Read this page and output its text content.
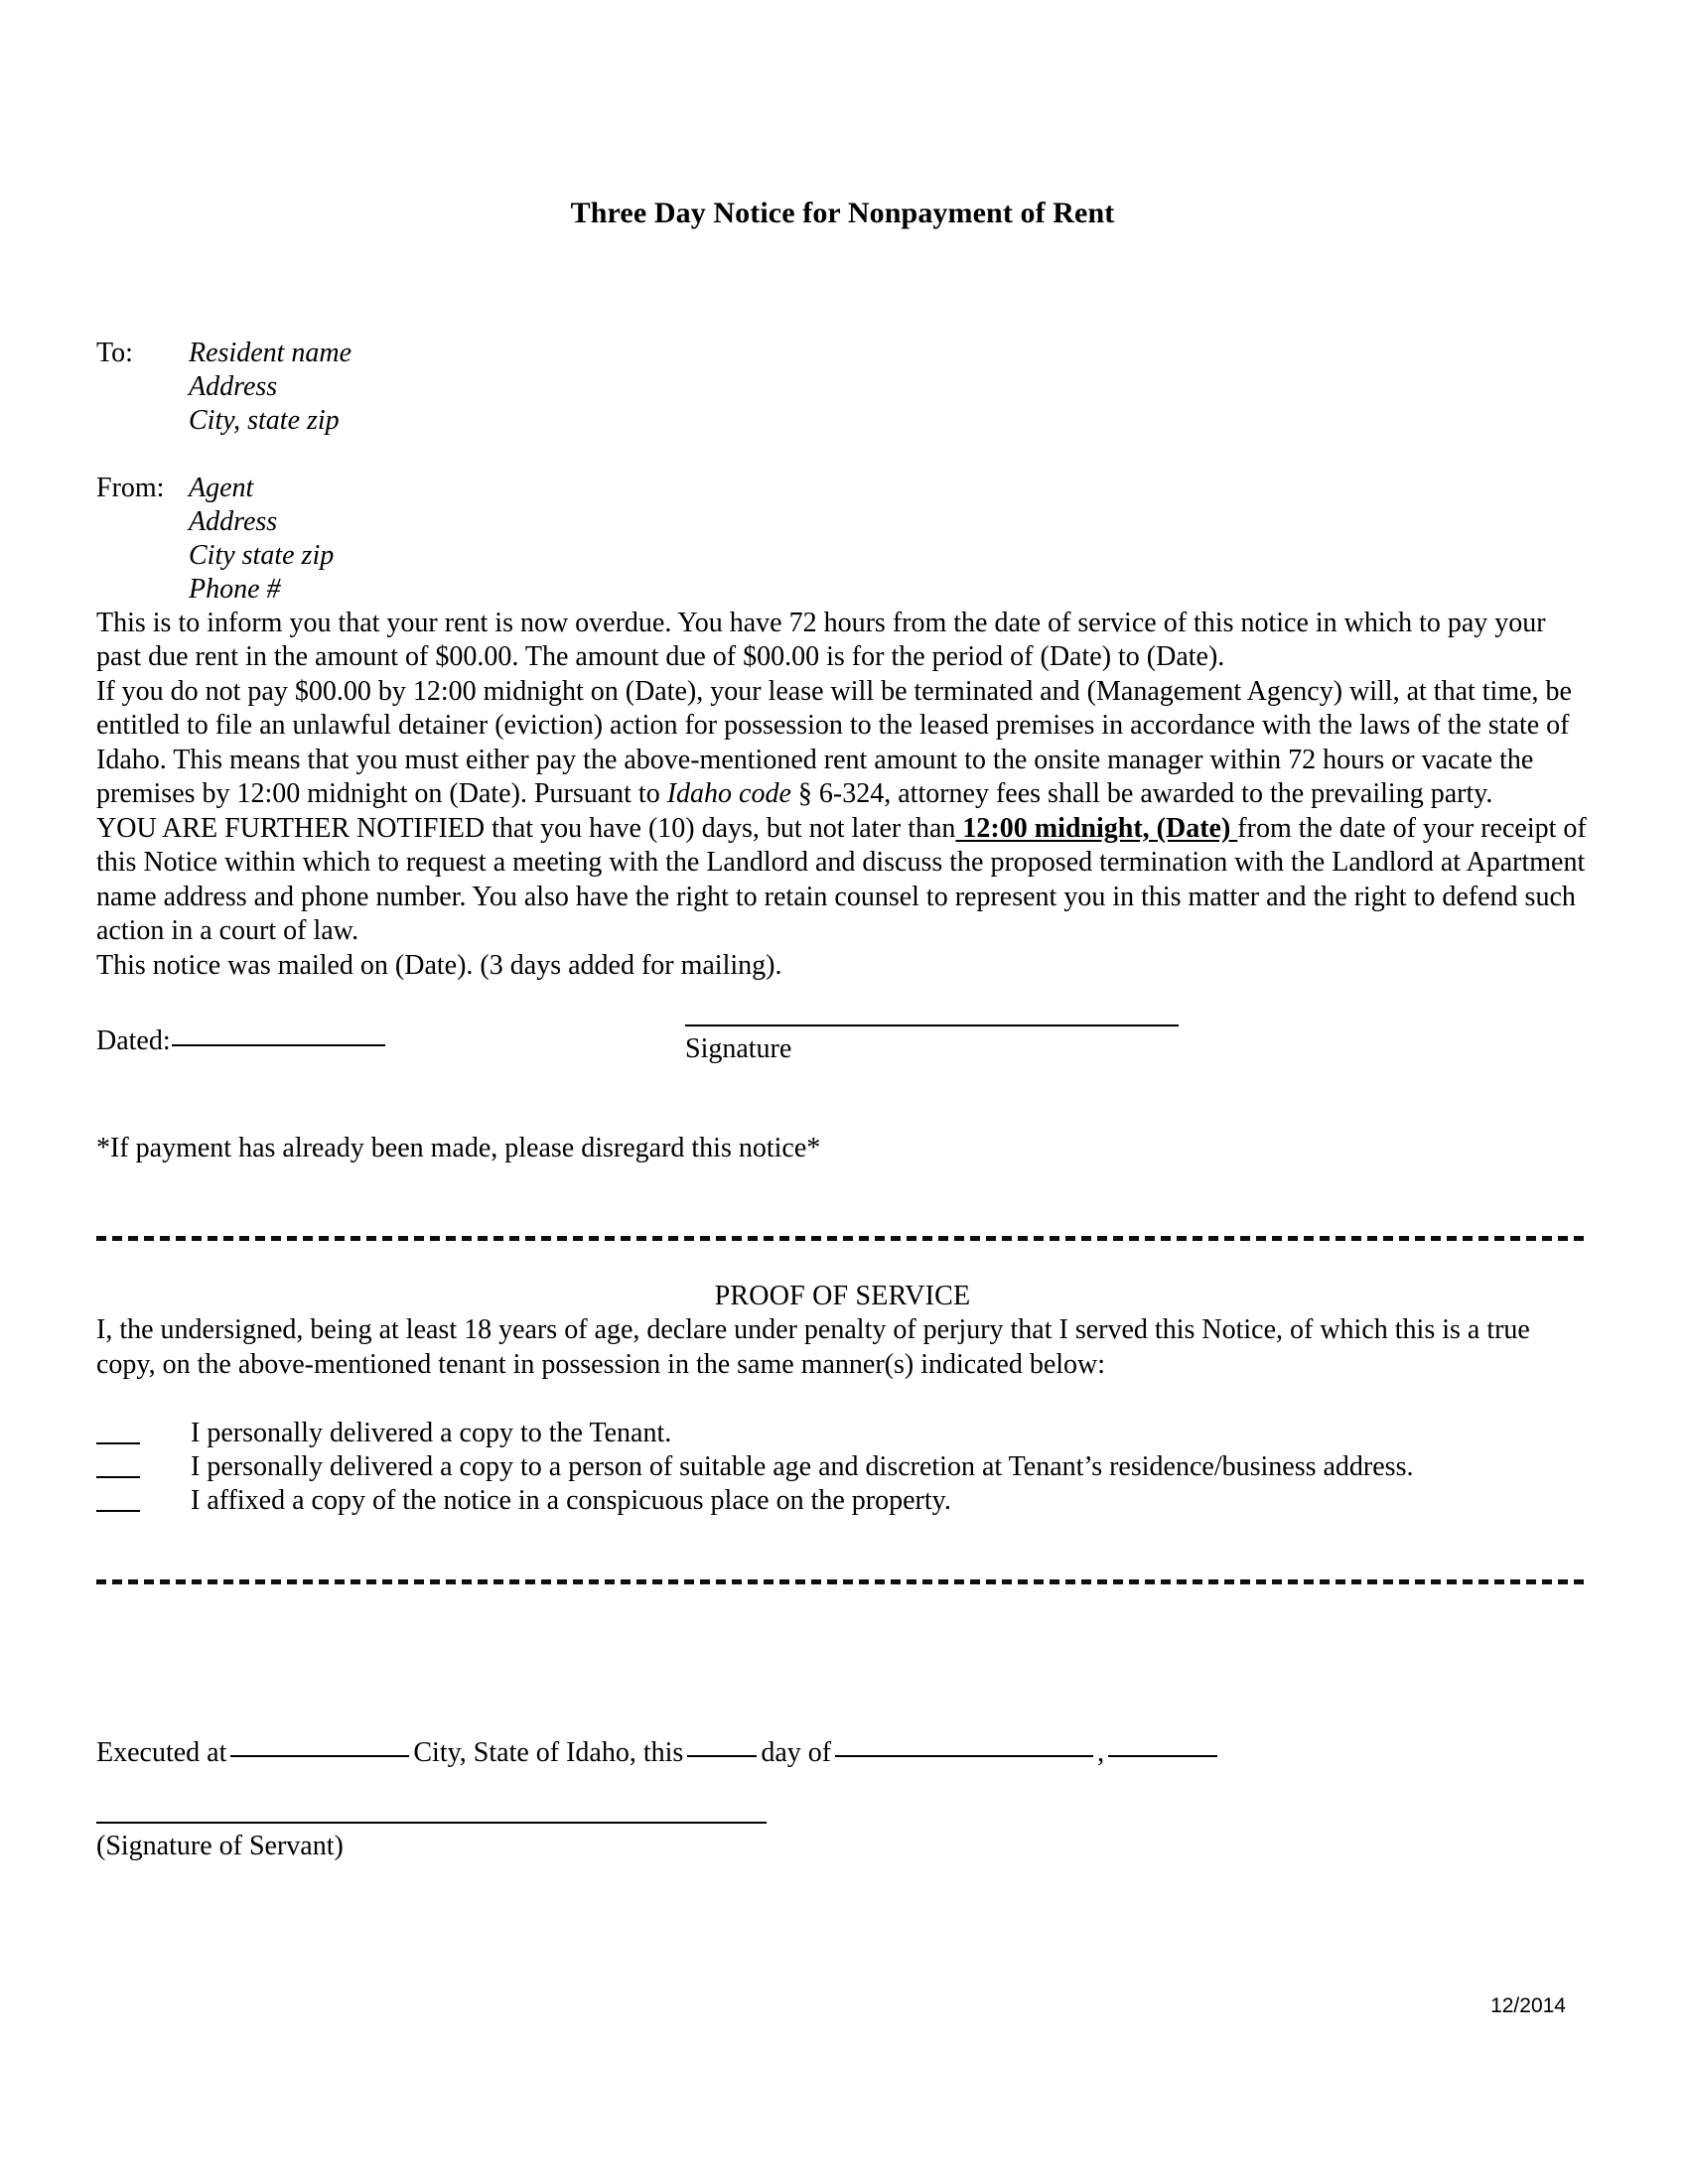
Three Day Notice for Nonpayment of Rent
To:	Resident name
Address
City, state zip
From: Agent
Address
City state zip
Phone #

This is to inform you that your rent is now overdue. You have 72 hours from the date of service of this notice in which to pay your past due rent in the amount of $00.00. The amount due of $00.00 is for the period of (Date) to (Date).

If you do not pay $00.00 by 12:00 midnight on (Date), your lease will be terminated and (Management Agency) will, at that time, be entitled to file an unlawful detainer (eviction) action for possession to the leased premises in accordance with the laws of the state of Idaho. This means that you must either pay the above-mentioned rent amount to the onsite manager within 72 hours or vacate the premises by 12:00 midnight on (Date). Pursuant to Idaho code § 6-324, attorney fees shall be awarded to the prevailing party.

YOU ARE FURTHER NOTIFIED that you have (10) days, but not later than 12:00 midnight, (Date) from the date of your receipt of this Notice within which to request a meeting with the Landlord and discuss the proposed termination with the Landlord at Apartment name address and phone number. You also have the right to retain counsel to represent you in this matter and the right to defend such action in a court of law.

This notice was mailed on (Date). (3 days added for mailing).

Dated:	Signature
*If payment has already been made, please disregard this notice*
PROOF OF SERVICE

I, the undersigned, being at least 18 years of age, declare under penalty of perjury that I served this Notice, of which this is a true copy, on the above-mentioned tenant in possession in the same manner(s) indicated below:

I personally delivered a copy to the Tenant.
I personally delivered a copy to a person of suitable age and discretion at Tenant’s residence/business address.
I affixed a copy of the notice in a conspicuous place on the property.
Executed at	City, State of Idaho, this	day of	,
(Signature of Servant)
12/2014
